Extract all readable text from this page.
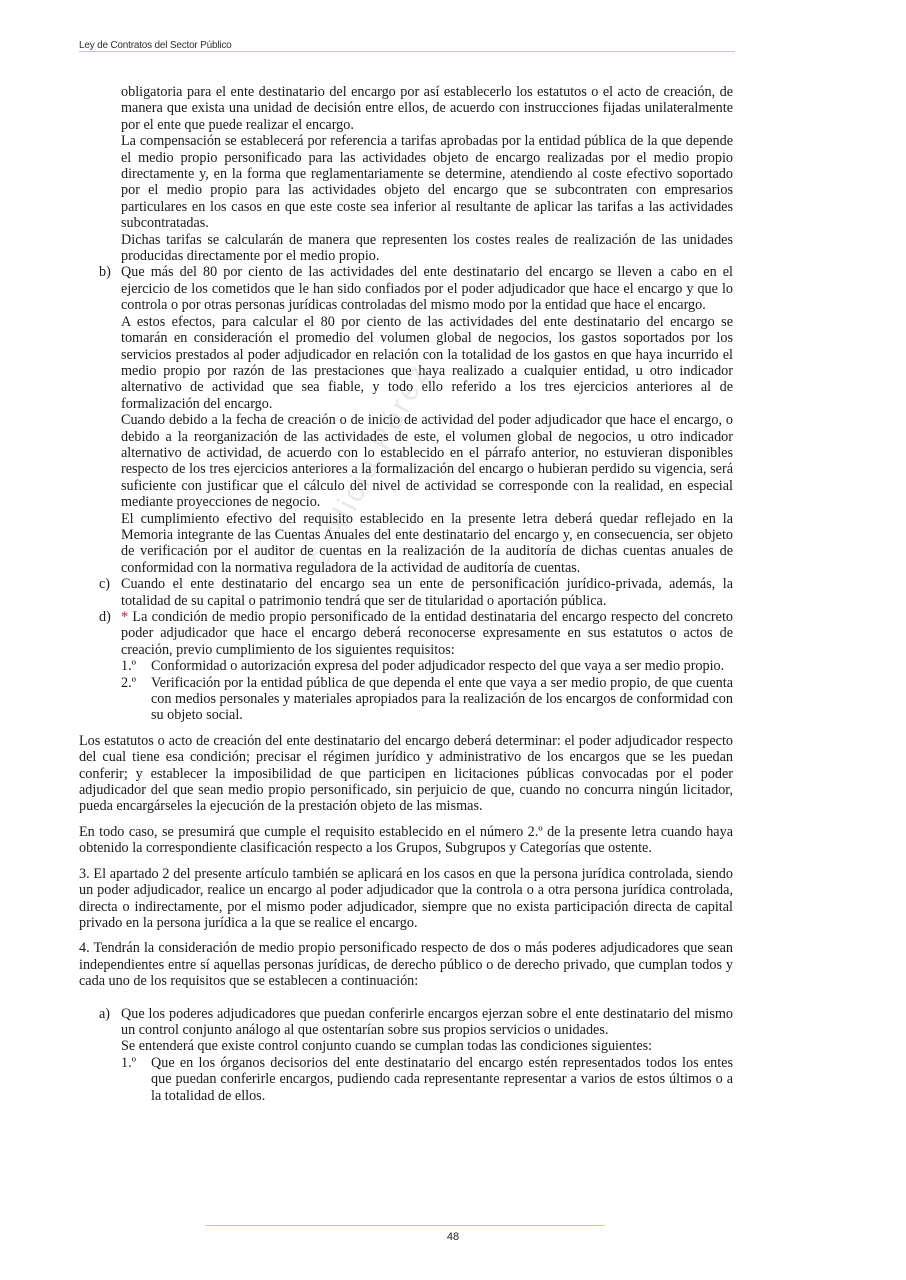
Ley de Contratos del Sector Público
© Alicia Pérez

obligatoria para el ente destinatario del encargo por así establecerlo los estatutos o el acto de creación, de manera que exista una unidad de decisión entre ellos, de acuerdo con instrucciones fijadas unilateralmente por el ente que puede realizar el encargo.

La compensación se establecerá por referencia a tarifas aprobadas por la entidad pública de la que depende el medio propio personificado para las actividades objeto de encargo realizadas por el medio propio directamente y, en la forma que reglamentariamente se determine, atendiendo al coste efectivo soportado por el medio propio para las actividades objeto del encargo que se subcontraten con empresarios particulares en los casos en que este coste sea inferior al resultante de aplicar las tarifas a las actividades subcontratadas.

Dichas tarifas se calcularán de manera que representen los costes reales de realización de las unidades producidas directamente por el medio propio.

b) Que más del 80 por ciento de las actividades del ente destinatario del encargo se lleven a cabo en el ejercicio de los cometidos que le han sido confiados por el poder adjudicador que hace el encargo y que lo controla o por otras personas jurídicas controladas del mismo modo por la entidad que hace el encargo.

A estos efectos, para calcular el 80 por ciento de las actividades del ente destinatario del encargo se tomarán en consideración el promedio del volumen global de negocios, los gastos soportados por los servicios prestados al poder adjudicador en relación con la totalidad de los gastos en que haya incurrido el medio propio por razón de las prestaciones que haya realizado a cualquier entidad, u otro indicador alternativo de actividad que sea fiable, y todo ello referido a los tres ejercicios anteriores al de formalización del encargo.

Cuando debido a la fecha de creación o de inicio de actividad del poder adjudicador que hace el encargo, o debido a la reorganización de las actividades de este, el volumen global de negocios, u otro indicador alternativo de actividad, de acuerdo con lo establecido en el párrafo anterior, no estuvieran disponibles respecto de los tres ejercicios anteriores a la formalización del encargo o hubieran perdido su vigencia, será suficiente con justificar que el cálculo del nivel de actividad se corresponde con la realidad, en especial mediante proyecciones de negocio.

El cumplimiento efectivo del requisito establecido en la presente letra deberá quedar reflejado en la Memoria integrante de las Cuentas Anuales del ente destinatario del encargo y, en consecuencia, ser objeto de verificación por el auditor de cuentas en la realización de la auditoría de dichas cuentas anuales de conformidad con la normativa reguladora de la actividad de auditoría de cuentas.

c) Cuando el ente destinatario del encargo sea un ente de personificación jurídico-privada, además, la totalidad de su capital o patrimonio tendrá que ser de titularidad o aportación pública.

d) * La condición de medio propio personificado de la entidad destinataria del encargo respecto del concreto poder adjudicador que hace el encargo deberá reconocerse expresamente en sus estatutos o actos de creación, previo cumplimiento de los siguientes requisitos:

1.º Conformidad o autorización expresa del poder adjudicador respecto del que vaya a ser medio propio.

2.º Verificación por la entidad pública de que dependa el ente que vaya a ser medio propio, de que cuenta con medios personales y materiales apropiados para la realización de los encargos de conformidad con su objeto social.

Los estatutos o acto de creación del ente destinatario del encargo deberá determinar: el poder adjudicador respecto del cual tiene esa condición; precisar el régimen jurídico y administrativo de los encargos que se les puedan conferir; y establecer la imposibilidad de que participen en licitaciones públicas convocadas por el poder adjudicador del que sean medio propio personificado, sin perjuicio de que, cuando no concurra ningún licitador, pueda encargárseles la ejecución de la prestación objeto de las mismas.

En todo caso, se presumirá que cumple el requisito establecido en el número 2.º de la presente letra cuando haya obtenido la correspondiente clasificación respecto a los Grupos, Subgrupos y Categorías que ostente.

3. El apartado 2 del presente artículo también se aplicará en los casos en que la persona jurídica controlada, siendo un poder adjudicador, realice un encargo al poder adjudicador que la controla o a otra persona jurídica controlada, directa o indirectamente, por el mismo poder adjudicador, siempre que no exista participación directa de capital privado en la persona jurídica a la que se realice el encargo.

4. Tendrán la consideración de medio propio personificado respecto de dos o más poderes adjudicadores que sean independientes entre sí aquellas personas jurídicas, de derecho público o de derecho privado, que cumplan todos y cada uno de los requisitos que se establecen a continuación:

a) Que los poderes adjudicadores que puedan conferirle encargos ejerzan sobre el ente destinatario del mismo un control conjunto análogo al que ostentarían sobre sus propios servicios o unidades.

Se entenderá que existe control conjunto cuando se cumplan todas las condiciones siguientes:

1.º Que en los órganos decisorios del ente destinatario del encargo estén representados todos los entes que puedan conferirle encargos, pudiendo cada representante representar a varios de estos últimos o a la totalidad de ellos.

48
